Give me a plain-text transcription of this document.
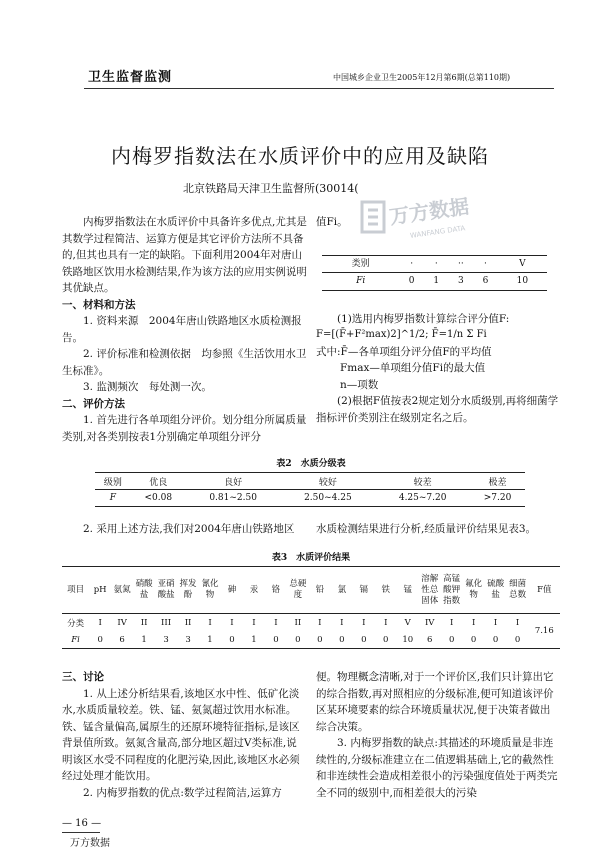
卫生监督监测	中国城乡企业卫生2005年12月第6期(总第110期)
内梅罗指数法在水质评价中的应用及缺陷
北京铁路局天津卫生监督所(30014(
万方数据
WANFANG DATA

内梅罗指数法在水质评价中具备许多优点,尤其是其数学过程简洁、运算方便是其它评价方法所不具备的,但其也具有一定的缺陷。下面利用2004年对唐山铁路地区饮用水检测结果,作为该方法的应用实例说明其优缺点。

一、材料和方法

1. 资料来源　2004年唐山铁路地区水质检测报告。

2. 评价标准和检测依据　均参照《生活饮用水卫生标准》。

3. 监测频次　每处测一次。

二、评价方法

1. 首先进行各单项组分评价。划分组分所属质量类别,对各类别按表1分别确定单项组分评分

值Fi。

类别	·	·	··	·	V
Fi	0	1	3	6	10

(1)选用内梅罗指数计算综合评分值F:

F=[(F̄+F²max)2]^1/2; F̄=1/n Σ Fi

式中:F̄—各单项组分评分值F的平均值

Fmax—单项组分值Fi的最大值

n—项数

(2)根据F值按表2规定划分水质级别,再将细菌学指标评价类别注在级别定名之后。

表2　水质分级表
级别	优良	良好	较好	较差	极差
F	<0.08	0.81~2.50	2.50~4.25	4.25~7.20	>7.20

2. 采用上述方法,我们对2004年唐山铁路地区	水质检测结果进行分析,经质量评价结果见表3。

表3　水质评价结果
项目	pH	氨氮	硝酸盐	亚硝酸盐	挥发酚	氰化物	砷	汞	铬	总硬度	铅	氯	镉	铁	锰	溶解性总固体	高锰酸钾指数	氟化物	硫酸盐	细菌总数	F值
分类	I	IV	II	III	II	I	I	I	I	II	I	I	I	I	V	IV	I	I	I	I	7.16
Fi	0	6	1	3	3	1	0	1	0	0	0	0	0	0	10	6	0	0	0	0	

三、讨论

1. 从上述分析结果看,该地区水中性、低矿化淡水,水质质量较差。铁、锰、氨氮超过饮用水标准。铁、锰含量偏高,属原生的还原环境特征指标,是该区背景值所致。氨氮含量高,部分地区超过V类标准,说明该区水受不同程度的化肥污染,因此,该地区水必须经过处理才能饮用。

2. 内梅罗指数的优点:数学过程简洁,运算方

便。物理概念清晰,对于一个评价区,我们只计算出它的综合指数,再对照相应的分级标准,便可知道该评价区某环境要素的综合环境质量状况,便于决策者做出综合决策。

3. 内梅罗指数的缺点:其描述的环境质量是非连续性的,分级标准建立在二值逻辑基础上,它的截然性和非连续性会造成相差很小的污染强度值处于两类完全不同的级别中,而相差很大的污染

— 16 —
万方数据
